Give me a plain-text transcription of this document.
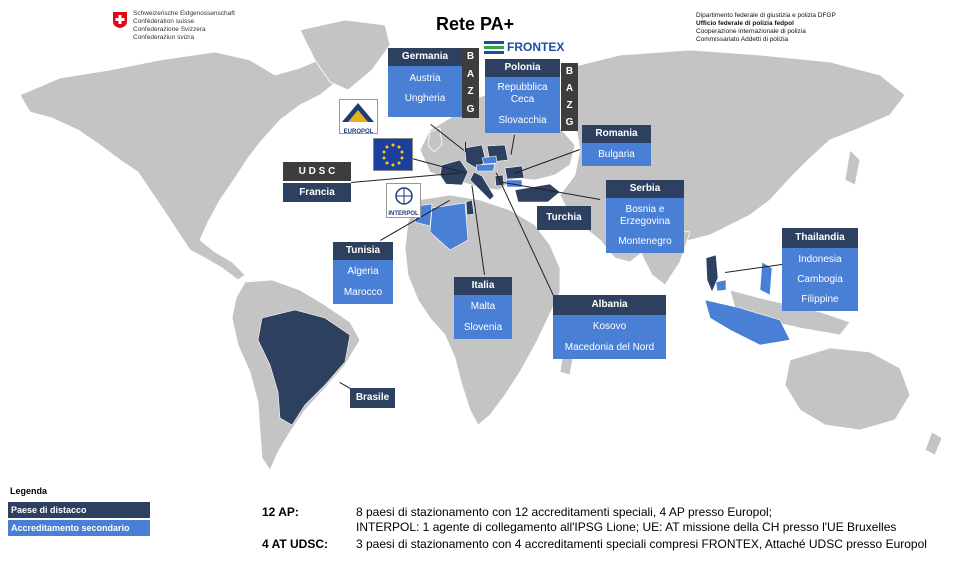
Schweizerische Eidgenossenschaft
Confédération suisse
Confederazione Svizzera
Confederaziun svizra
Dipartimento federale di giustizia e polizia DFGP
Ufficio federale di polizia fedpol
Cooperazione internazionale di polizia
Commissariato Addetti di polizia
Rete PA+
FRONTEX
EUROPOL
INTERPOL
Germania
Austria
Ungheria
B
A
Z
G
Polonia
Repubblica Ceca
Slovacchia
B
A
Z
G
Romania
Bulgaria
U D S C
Francia	Serbia
Bosnia e Erzegovina
Montenegro
Turchia
Tunisia
Algeria
Marocco
Italia
Malta
Slovenia
Albania
Kosovo
Macedonia del Nord
Thailandia
Indonesia
Cambogia
Filippine
Brasile
Legenda
Paese di distacco
Accreditamento secondario
12 AP:	8 paesi di stazionamento con 12 accreditamenti speciali, 4 AP presso Europol;
INTERPOL: 1 agente di collegamento all'IPSG Lione; UE: AT missione della CH presso l'UE Bruxelles
4 AT UDSC: 3 paesi di stazionamento con 4 accreditamenti speciali compresi FRONTEX, Attaché UDSC presso Europol
